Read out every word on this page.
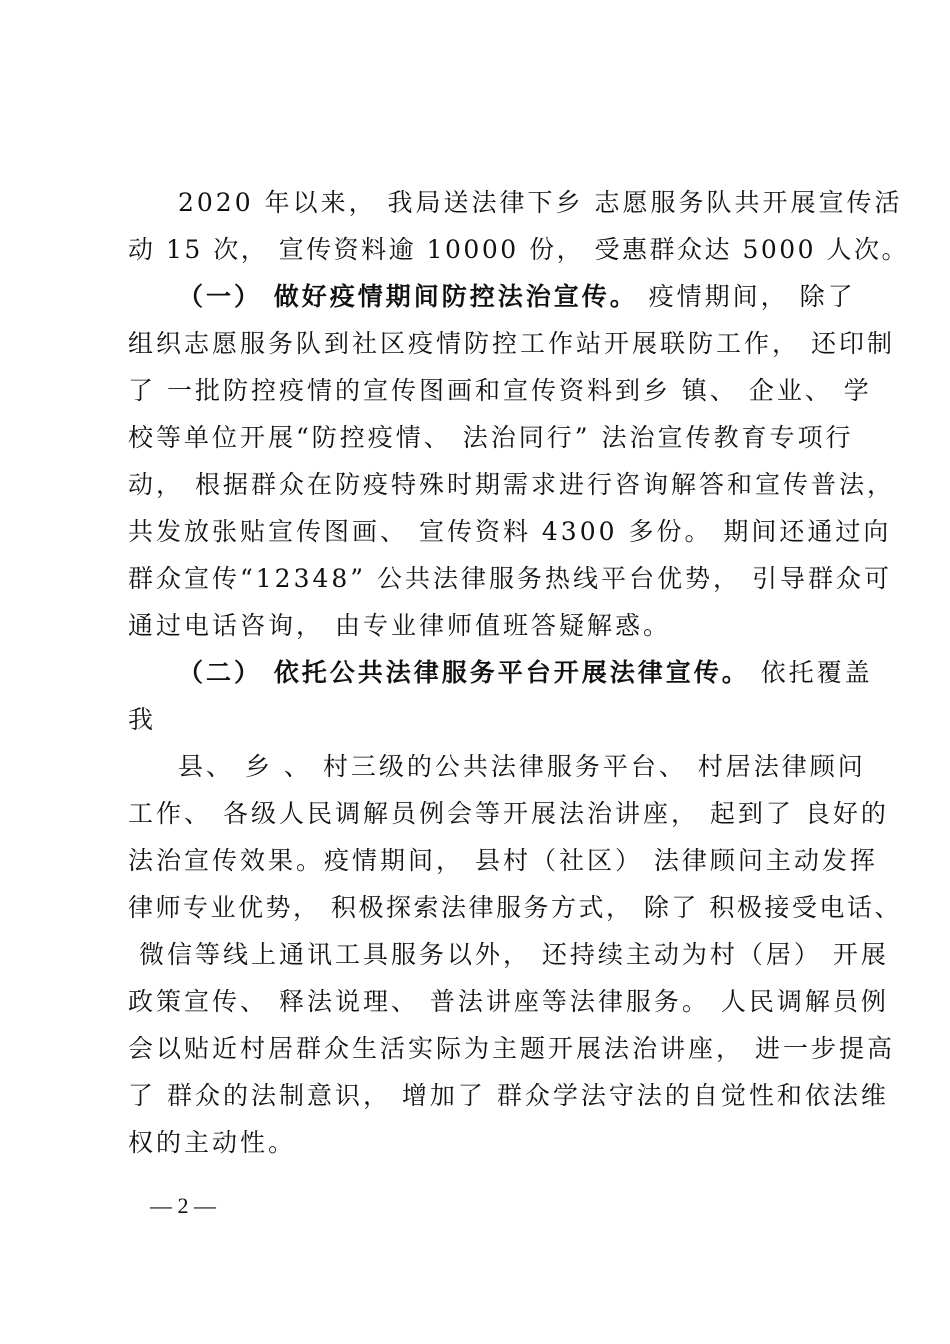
2020 年以来， 我局送法律下乡 志愿服务队共开展宣传活
动 15 次， 宣传资料逾 10000 份， 受惠群众达 5000 人次。
（一） 做好疫情期间防控法治宣传。 疫情期间， 除了
组织志愿服务队到社区疫情防控工作站开展联防工作， 还印制
了 一批防控疫情的宣传图画和宣传资料到乡 镇、 企业、 学
校等单位开展“防控疫情、 法治同行” 法治宣传教育专项行
动， 根据群众在防疫特殊时期需求进行咨询解答和宣传普法，
共发放张贴宣传图画、 宣传资料 4300 多份。 期间还通过向
群众宣传“12348” 公共法律服务热线平台优势， 引导群众可
通过电话咨询， 由专业律师值班答疑解惑。
（二） 依托公共法律服务平台开展法律宣传。 依托覆盖
我
县、 乡 、 村三级的公共法律服务平台、 村居法律顾问
工作、 各级人民调解员例会等开展法治讲座， 起到了 良好的
法治宣传效果。疫情期间， 县村（社区） 法律顾问主动发挥
律师专业优势， 积极探索法律服务方式， 除了 积极接受电话、
微信等线上通讯工具服务以外， 还持续主动为村（居） 开展
政策宣传、 释法说理、 普法讲座等法律服务。 人民调解员例
会以贴近村居群众生活实际为主题开展法治讲座， 进一步提高
了 群众的法制意识， 增加了 群众学法守法的自觉性和依法维
权的主动性。
— 2 —
